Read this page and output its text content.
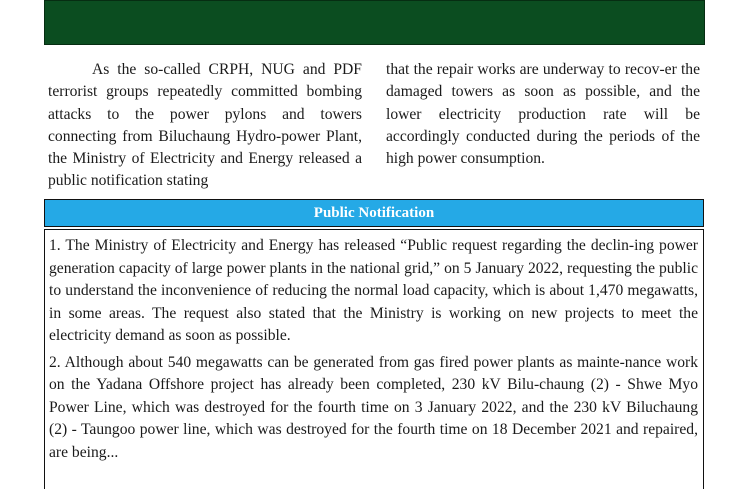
As the so-called CRPH, NUG and PDF terrorist groups repeatedly committed bombing attacks to the power pylons and towers connecting from Biluchaung Hydro-power Plant, the Ministry of Electricity and Energy released a public notification stating
that the repair works are underway to recov-er the damaged towers as soon as possible, and the lower electricity production rate will be accordingly conducted during the periods of the high power consumption.
Public Notification

1. The Ministry of Electricity and Energy has released “Public request regarding the declin-ing power generation capacity of large power plants in the national grid,” on 5 January 2022, requesting the public to understand the inconvenience of reducing the normal load capacity, which is about 1,470 megawatts, in some areas. The request also stated that the Ministry is working on new projects to meet the electricity demand as soon as possible.

2. Although about 540 megawatts can be generated from gas fired power plants as mainte-nance work on the Yadana Offshore project has already been completed, 230 kV Bilu-chaung (2) - Shwe Myo Power Line, which was destroyed for the fourth time on 3 January 2022, and the 230 kV Biluchaung (2) - Taungoo power line, which was destroyed for the fourth time on 18 December 2021 and repaired, are being...
